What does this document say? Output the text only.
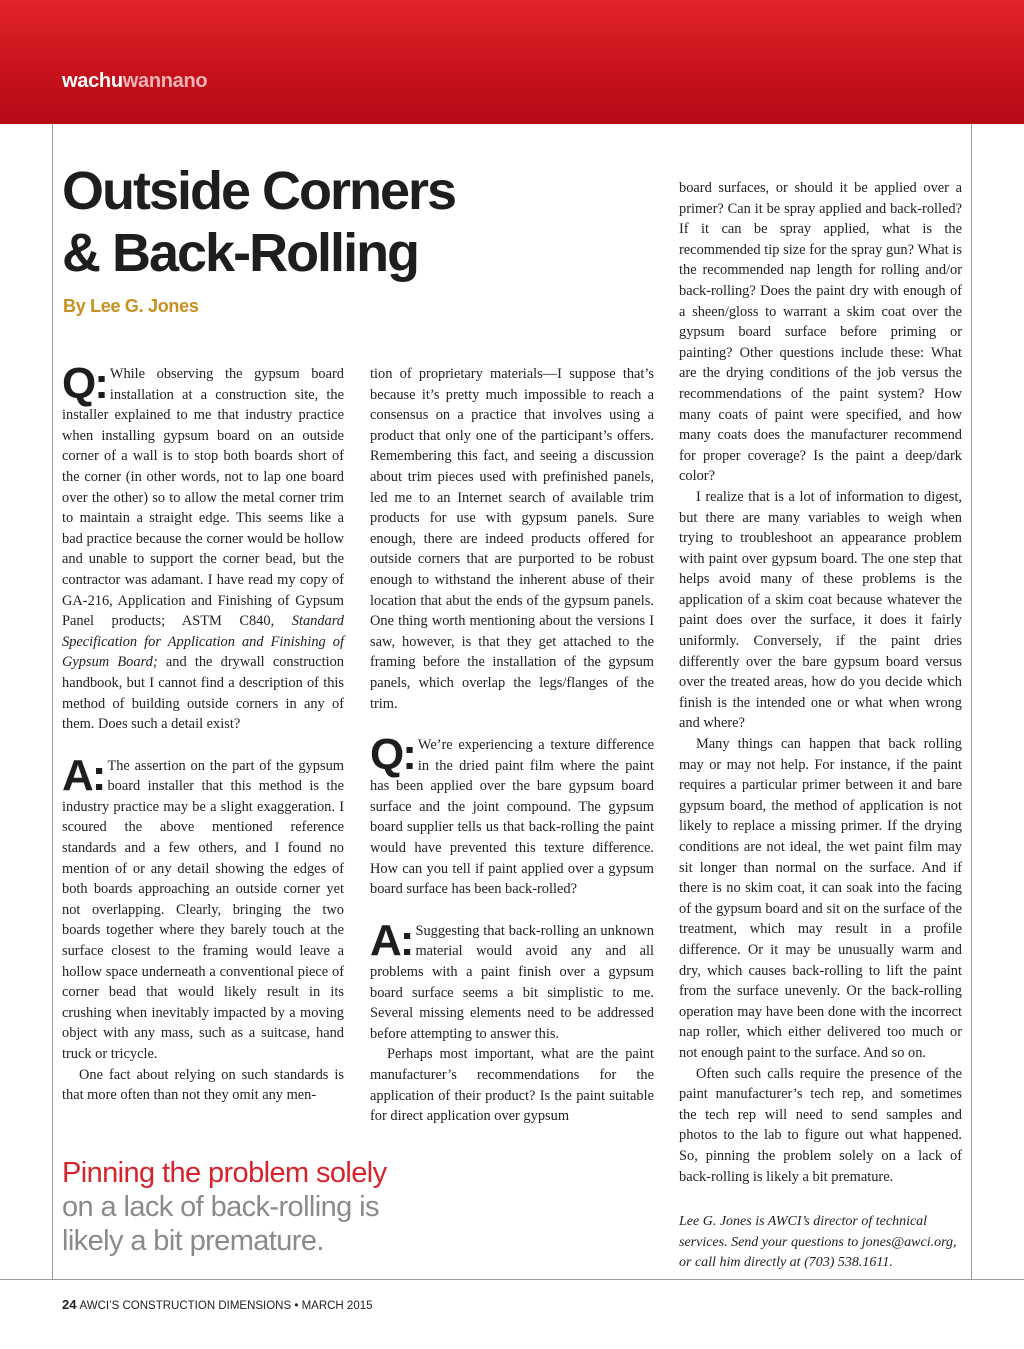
wachuwannano
Outside Corners
& Back-Rolling
By Lee G. Jones

Q: While observing the gypsum board installation at a construction site, the installer explained to me that industry practice when installing gypsum board on an outside corner of a wall is to stop both boards short of the corner (in other words, not to lap one board over the other) so to allow the metal corner trim to maintain a straight edge. This seems like a bad practice because the corner would be hollow and unable to support the corner bead, but the contractor was adamant. I have read my copy of GA-216, Application and Finishing of Gypsum Panel products; ASTM C840, Standard Specification for Application and Finishing of Gypsum Board; and the drywall construction handbook, but I cannot find a description of this method of building outside corners in any of them. Does such a detail exist?

A: The assertion on the part of the gypsum board installer that this method is the industry practice may be a slight exaggeration. I scoured the above mentioned reference standards and a few others, and I found no mention of or any detail showing the edges of both boards approaching an outside corner yet not overlapping. Clearly, bringing the two boards together where they barely touch at the surface closest to the framing would leave a hollow space underneath a conventional piece of corner bead that would likely result in its crushing when inevitably impacted by a moving object with any mass, such as a suitcase, hand truck or tricycle.

One fact about relying on such standards is that more often than not they omit any men-

tion of proprietary materials—I suppose that’s because it’s pretty much impossible to reach a consensus on a practice that involves using a product that only one of the participant’s offers. Remembering this fact, and seeing a discussion about trim pieces used with prefinished panels, led me to an Internet search of available trim products for use with gypsum panels. Sure enough, there are indeed products offered for outside corners that are purported to be robust enough to withstand the inherent abuse of their location that abut the ends of the gypsum panels. One thing worth mentioning about the versions I saw, however, is that they get attached to the framing before the installation of the gypsum panels, which overlap the legs/flanges of the trim.

Q: We’re experiencing a texture difference in the dried paint film where the paint has been applied over the bare gypsum board surface and the joint compound. The gypsum board supplier tells us that back-rolling the paint would have prevented this texture difference. How can you tell if paint applied over a gypsum board surface has been back-rolled?

A: Suggesting that back-rolling an unknown material would avoid any and all problems with a paint finish over a gypsum board surface seems a bit simplistic to me. Several missing elements need to be addressed before attempting to answer this.

Perhaps most important, what are the paint manufacturer’s recommendations for the application of their product? Is the paint suitable for direct application over gypsum

board surfaces, or should it be applied over a primer? Can it be spray applied and back-rolled? If it can be spray applied, what is the recommended tip size for the spray gun? What is the recommended nap length for rolling and/or back-rolling? Does the paint dry with enough of a sheen/gloss to warrant a skim coat over the gypsum board surface before priming or painting? Other questions include these: What are the drying conditions of the job versus the recommendations of the paint system? How many coats of paint were specified, and how many coats does the manufacturer recommend for proper coverage? Is the paint a deep/dark color?

I realize that is a lot of information to digest, but there are many variables to weigh when trying to troubleshoot an appearance problem with paint over gypsum board. The one step that helps avoid many of these problems is the application of a skim coat because whatever the paint does over the surface, it does it fairly uniformly. Conversely, if the paint dries differently over the bare gypsum board versus over the treated areas, how do you decide which finish is the intended one or what when wrong and where?

Many things can happen that back rolling may or may not help. For instance, if the paint requires a particular primer between it and bare gypsum board, the method of application is not likely to replace a missing primer. If the drying conditions are not ideal, the wet paint film may sit longer than normal on the surface. And if there is no skim coat, it can soak into the facing of the gypsum board and sit on the surface of the treatment, which may result in a profile difference. Or it may be unusually warm and dry, which causes back-rolling to lift the paint from the surface unevenly. Or the back-rolling operation may have been done with the incorrect nap roller, which either delivered too much or not enough paint to the surface. And so on.

Often such calls require the presence of the paint manufacturer’s tech rep, and sometimes the tech rep will need to send samples and photos to the lab to figure out what happened. So, pinning the problem solely on a lack of back-rolling is likely a bit premature.

Pinning the problem solely
on a lack of back-rolling is likely a bit premature.
Lee G. Jones is AWCI’s director of technical services. Send your questions to jones@awci.org, or call him directly at (703) 538.1611.
24 AWCI’S CONSTRUCTION DIMENSIONS • MARCH 2015
